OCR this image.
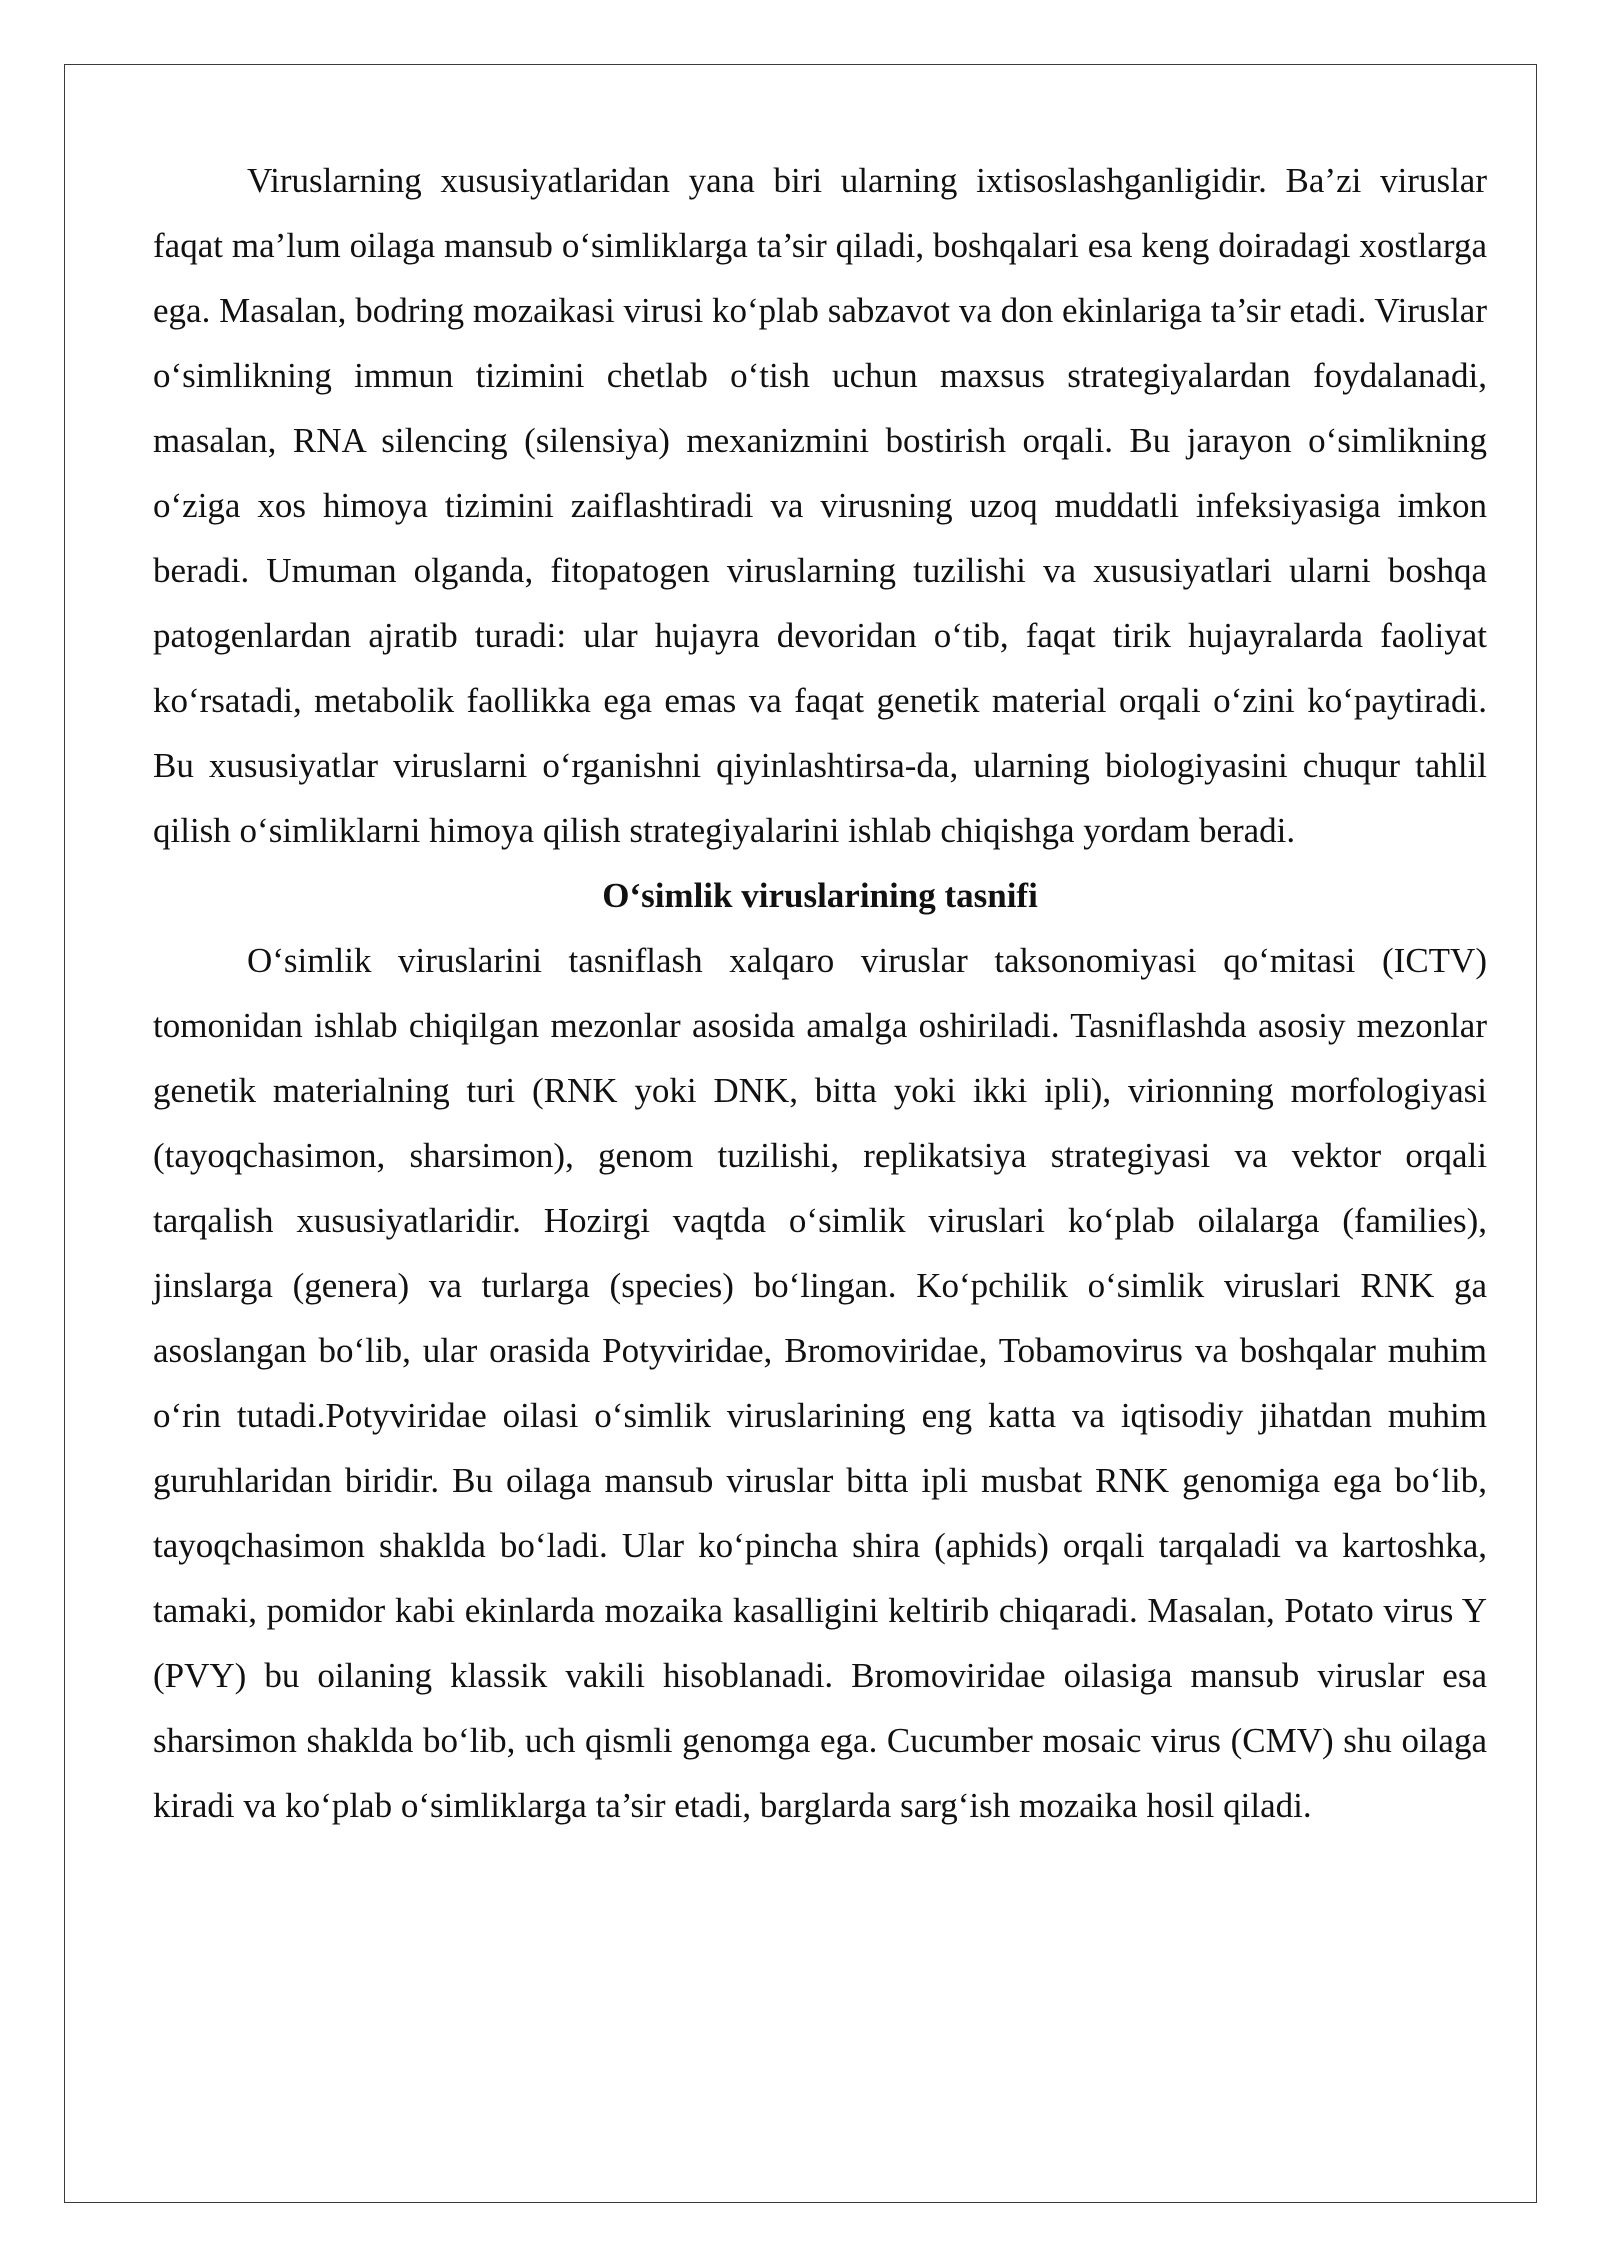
Viruslarning xususiyatlaridan yana biri ularning ixtisoslashganligidir. Ba’zi viruslar faqat ma’lum oilaga mansub o‘simliklarga ta’sir qiladi, boshqalari esa keng doiradagi xostlarga ega. Masalan, bodring mozaikasi virusi ko‘plab sabzavot va don ekinlariga ta’sir etadi. Viruslar o‘simlikning immun tizimini chetlab o‘tish uchun maxsus strategiyalardan foydalanadi, masalan, RNA silencing (silensiya) mexanizmini bostirish orqali. Bu jarayon o‘simlikning o‘ziga xos himoya tizimini zaiflashtiradi va virusning uzoq muddatli infeksiyasiga imkon beradi. Umuman olganda, fitopatogen viruslarning tuzilishi va xususiyatlari ularni boshqa patogenlardan ajratib turadi: ular hujayra devoridan o‘tib, faqat tirik hujayralarda faoliyat ko‘rsatadi, metabolik faollikka ega emas va faqat genetik material orqali o‘zini ko‘paytiradi. Bu xususiyatlar viruslarni o‘rganishni qiyinlashtirsa-da, ularning biologiyasini chuqur tahlil qilish o‘simliklarni himoya qilish strategiyalarini ishlab chiqishga yordam beradi.

O‘simlik viruslarining tasnifi

O‘simlik viruslarini tasniflash xalqaro viruslar taksonomiyasi qo‘mitasi (ICTV) tomonidan ishlab chiqilgan mezonlar asosida amalga oshiriladi. Tasniflashda asosiy mezonlar genetik materialning turi (RNK yoki DNK, bitta yoki ikki ipli), virionning morfologiyasi (tayoqchasimon, sharsimon), genom tuzilishi, replikatsiya strategiyasi va vektor orqali tarqalish xususiyatlaridir. Hozirgi vaqtda o‘simlik viruslari ko‘plab oilalarga (families), jinslarga (genera) va turlarga (species) bo‘lingan. Ko‘pchilik o‘simlik viruslari RNK ga asoslangan bo‘lib, ular orasida Potyviridae, Bromoviridae, Tobamovirus va boshqalar muhim o‘rin tutadi.Potyviridae oilasi o‘simlik viruslarining eng katta va iqtisodiy jihatdan muhim guruhlaridan biridir. Bu oilaga mansub viruslar bitta ipli musbat RNK genomiga ega bo‘lib, tayoqchasimon shaklda bo‘ladi. Ular ko‘pincha shira (aphids) orqali tarqaladi va kartoshka, tamaki, pomidor kabi ekinlarda mozaika kasalligini keltirib chiqaradi. Masalan, Potato virus Y (PVY) bu oilaning klassik vakili hisoblanadi. Bromoviridae oilasiga mansub viruslar esa sharsimon shaklda bo‘lib, uch qismli genomga ega. Cucumber mosaic virus (CMV) shu oilaga kiradi va ko‘plab o‘simliklarga ta’sir etadi, barglarda sarg‘ish mozaika hosil qiladi.
